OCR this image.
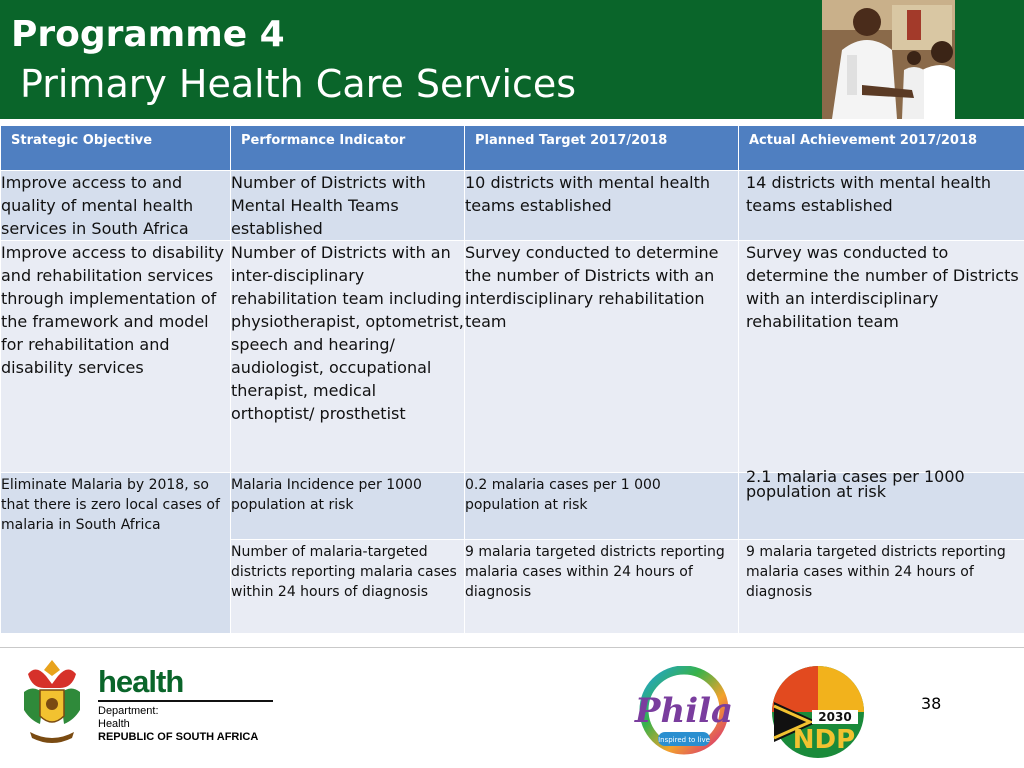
Programme 4
Primary Health Care Services
Strategic Objective	Performance Indicator	Planned Target 2017/2018	Actual Achievement 2017/2018
Improve access to and quality of mental health services in South Africa	Number of Districts with Mental Health Teams established	10 districts with mental health teams established	14 districts with mental health teams established
Improve access to disability and rehabilitation services through implementation of the framework and model for rehabilitation and disability services	Number of Districts with an inter-disciplinary rehabilitation team including physiotherapist, optometrist, speech and hearing/ audiologist, occupational therapist, medical orthoptist/ prosthetist	Survey conducted to determine the number of Districts with an interdisciplinary rehabilitation team	Survey was conducted to determine the number of Districts with an interdisciplinary rehabilitation team
Eliminate Malaria by 2018, so that there is zero local cases of malaria in South Africa	Malaria Incidence per 1000 population at risk	0.2 malaria cases per 1 000 population at risk	2.1 malaria cases per 1000 population at risk

	Number of malaria-targeted districts reporting malaria cases within 24 hours of diagnosis	9 malaria targeted districts reporting malaria cases within 24 hours of diagnosis	9 malaria targeted districts reporting malaria cases within 24 hours of diagnosis
health
Department:
Health
REPUBLIC OF SOUTH AFRICA
Phila
Inspired to live
2030
NDP
38
